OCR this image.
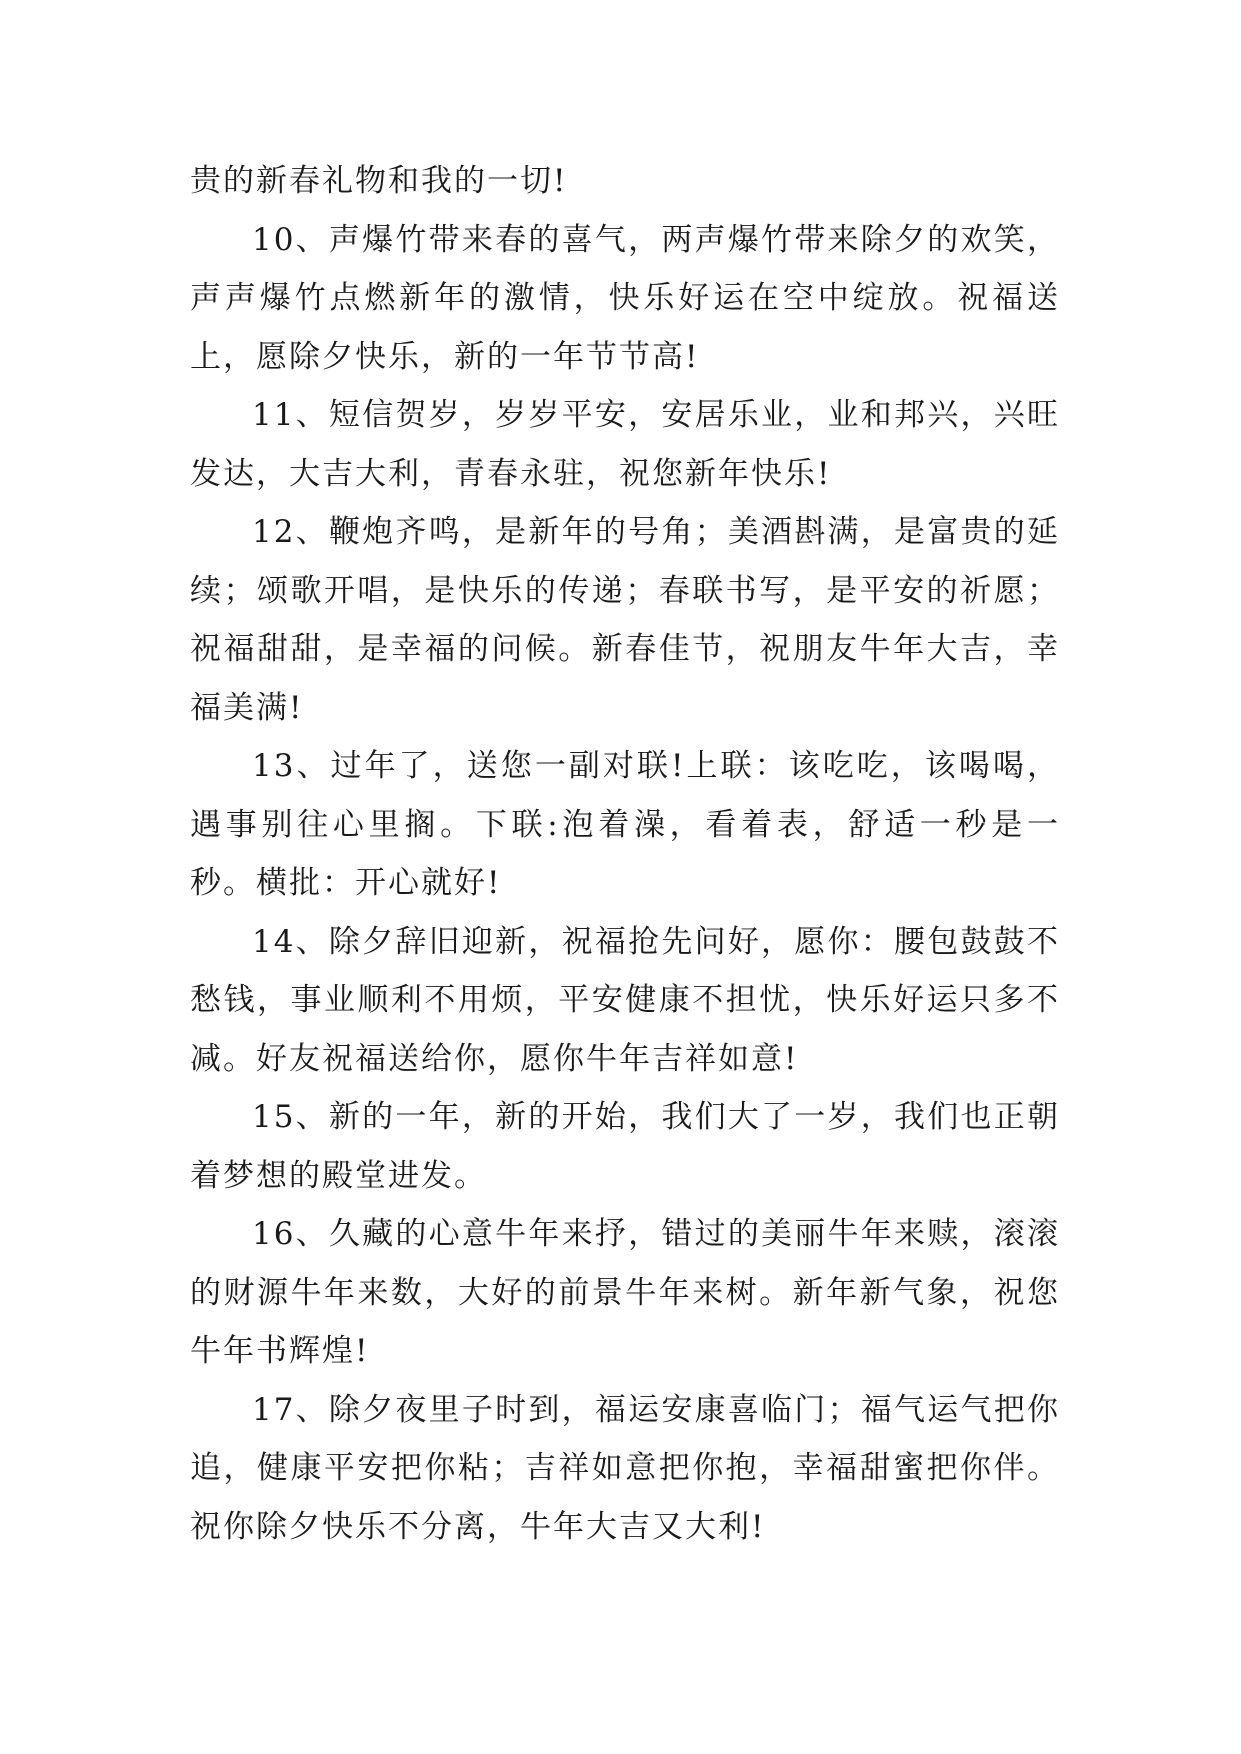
贵的新春礼物和我的一切!

10、声爆竹带来春的喜气，两声爆竹带来除夕的欢笑，声声爆竹点燃新年的激情，快乐好运在空中绽放。祝福送上，愿除夕快乐，新的一年节节高!

11、短信贺岁，岁岁平安，安居乐业，业和邦兴，兴旺发达，大吉大利，青春永驻，祝您新年快乐!

12、鞭炮齐鸣，是新年的号角；美酒斟满，是富贵的延续；颂歌开唱，是快乐的传递；春联书写，是平安的祈愿；祝福甜甜，是幸福的问候。新春佳节，祝朋友牛年大吉，幸福美满!

13、过年了，送您一副对联!上联：该吃吃，该喝喝，遇事别往心里搁。下联:泡着澡，看着表，舒适一秒是一秒。横批：开心就好!

14、除夕辞旧迎新，祝福抢先问好，愿你：腰包鼓鼓不愁钱，事业顺利不用烦，平安健康不担忧，快乐好运只多不减。好友祝福送给你，愿你牛年吉祥如意!

15、新的一年，新的开始，我们大了一岁，我们也正朝着梦想的殿堂进发。

16、久藏的心意牛年来抒，错过的美丽牛年来赎，滚滚的财源牛年来数，大好的前景牛年来树。新年新气象，祝您牛年书辉煌!

17、除夕夜里子时到，福运安康喜临门；福气运气把你追，健康平安把你粘；吉祥如意把你抱，幸福甜蜜把你伴。祝你除夕快乐不分离，牛年大吉又大利!
